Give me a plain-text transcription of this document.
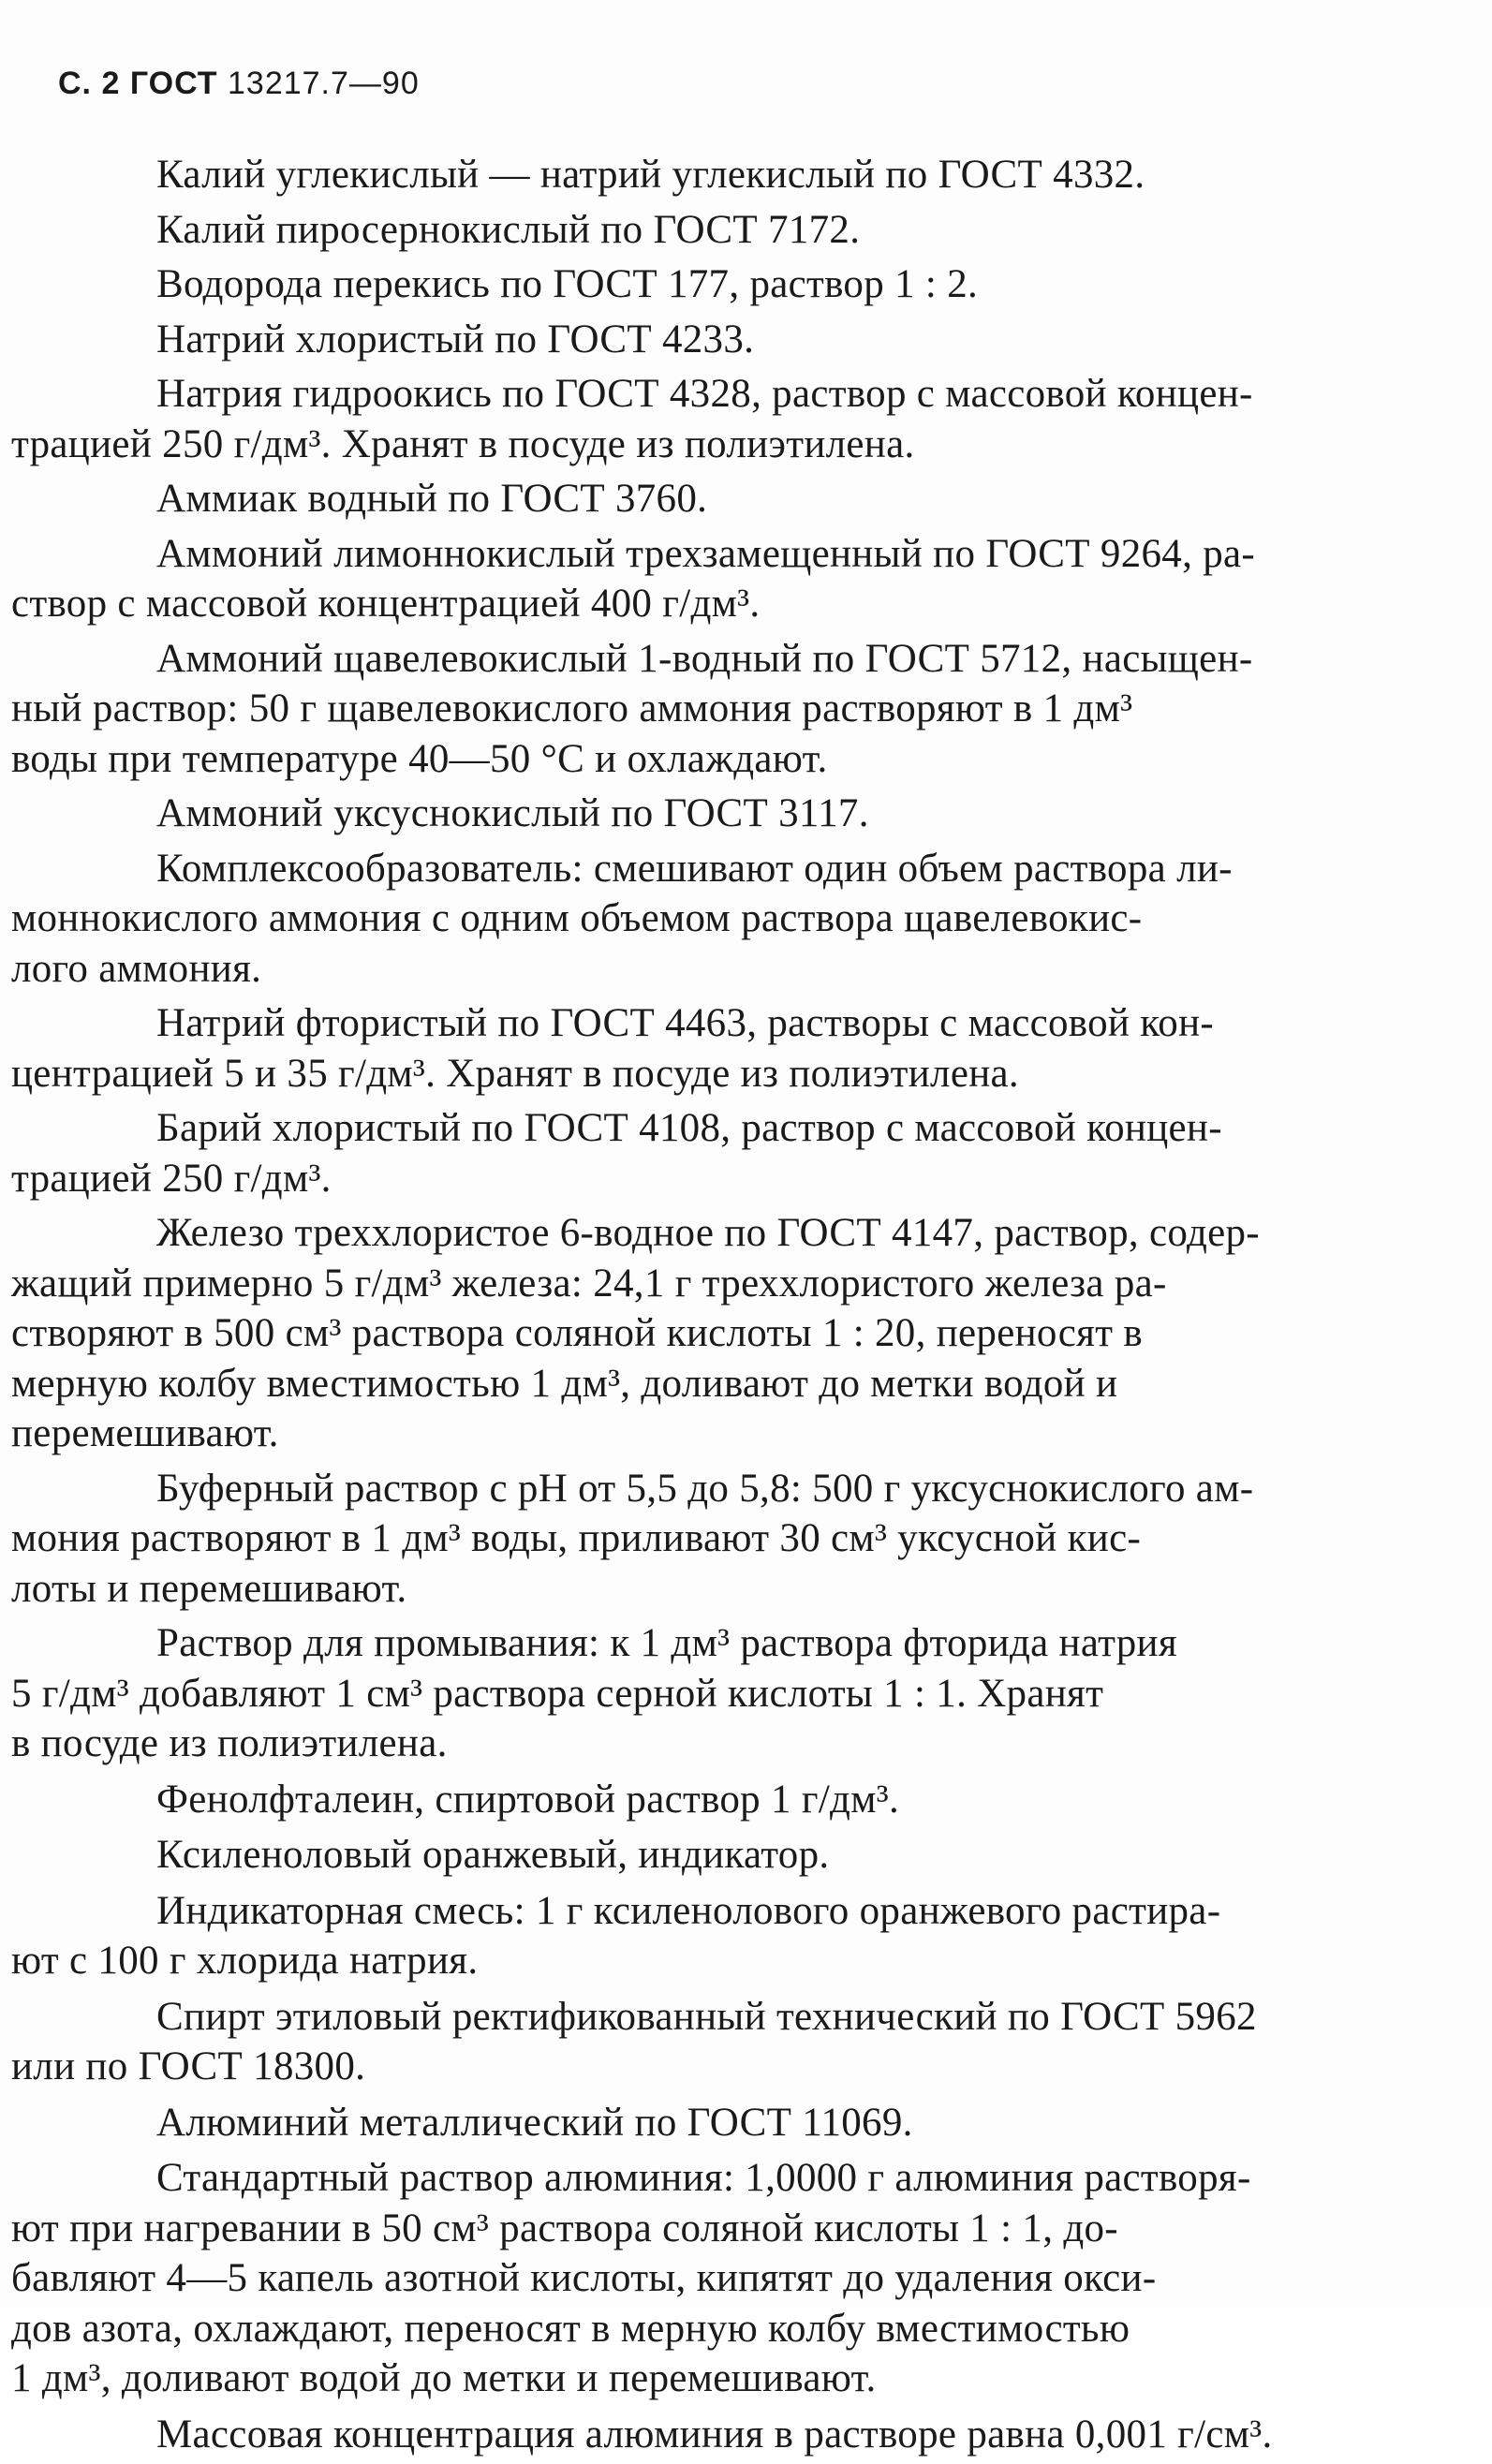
С. 2 ГОСТ 13217.7—90
Калий углекислый — натрий углекислый по ГОСТ 4332.
Калий пиросернокислый по ГОСТ 7172.
Водорода перекись по ГОСТ 177, раствор 1 : 2.
Натрий хлористый по ГОСТ 4233.
Натрия гидроокись по ГОСТ 4328, раствор с массовой концен-
трацией 250 г/дм³. Хранят в посуде из полиэтилена.
Аммиак водный по ГОСТ 3760.
Аммоний лимоннокислый трехзамещенный по ГОСТ 9264, ра-
створ с массовой концентрацией 400 г/дм³.
Аммоний щавелевокислый 1-водный по ГОСТ 5712, насыщен-
ный раствор: 50 г щавелевокислого аммония растворяют в 1 дм³
воды при температуре 40—50 °С и охлаждают.
Аммоний уксуснокислый по ГОСТ 3117.
Комплексообразователь: смешивают один объем раствора ли-
моннокислого аммония с одним объемом раствора щавелевокис-
лого аммония.
Натрий фтористый по ГОСТ 4463, растворы с массовой кон-
центрацией 5 и 35 г/дм³. Хранят в посуде из полиэтилена.
Барий хлористый по ГОСТ 4108, раствор с массовой концен-
трацией 250 г/дм³.
Железо треххлористое 6-водное по ГОСТ 4147, раствор, содер-
жащий примерно 5 г/дм³ железа: 24,1 г треххлористого железа ра-
створяют в 500 см³ раствора соляной кислоты 1 : 20, переносят в
мерную колбу вместимостью 1 дм³, доливают до метки водой и
перемешивают.
Буферный раствор с рН от 5,5 до 5,8: 500 г уксуснокислого ам-
мония растворяют в 1 дм³ воды, приливают 30 см³ уксусной кис-
лоты и перемешивают.
Раствор для промывания: к 1 дм³ раствора фторида натрия
5 г/дм³ добавляют 1 см³ раствора серной кислоты 1 : 1. Хранят
в посуде из полиэтилена.
Фенолфталеин, спиртовой раствор 1 г/дм³.
Ксиленоловый оранжевый, индикатор.
Индикаторная смесь: 1 г ксиленолового оранжевого растира-
ют с 100 г хлорида натрия.
Спирт этиловый ректификованный технический по ГОСТ 5962
или по ГОСТ 18300.
Алюминий металлический по ГОСТ 11069.
Стандартный раствор алюминия: 1,0000 г алюминия растворя-
ют при нагревании в 50 см³ раствора соляной кислоты 1 : 1, до-
бавляют 4—5 капель азотной кислоты, кипятят до удаления окси-
дов азота, охлаждают, переносят в мерную колбу вместимостью
1 дм³, доливают водой до метки и перемешивают.
Массовая концентрация алюминия в растворе равна 0,001 г/см³.
